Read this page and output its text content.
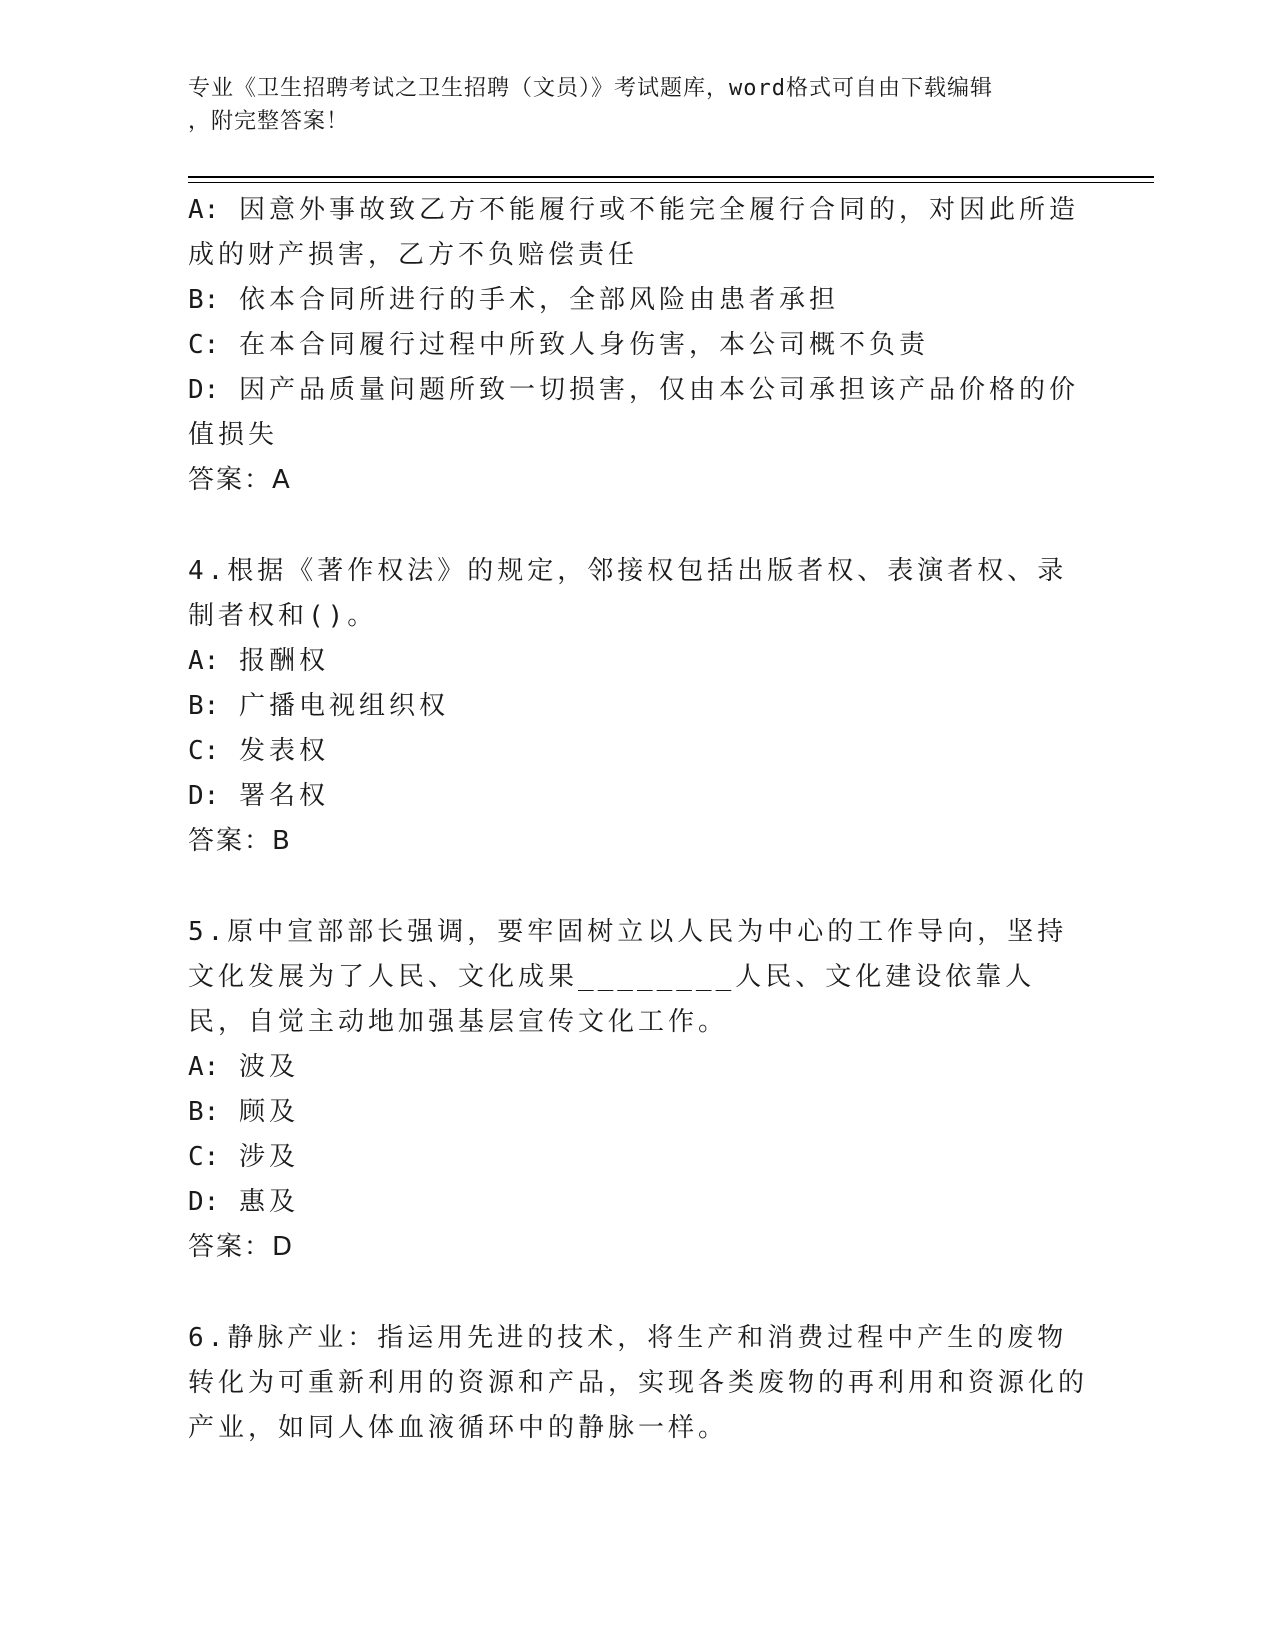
专业《卫生招聘考试之卫生招聘（文员）》考试题库，word格式可自由下载编辑
，附完整答案！

A: 因意外事故致乙方不能履行或不能完全履行合同的，对因此所造成的财产损害，乙方不负赔偿责任

B: 依本合同所进行的手术，全部风险由患者承担

C: 在本合同履行过程中所致人身伤害，本公司概不负责

D: 因产品质量问题所致一切损害，仅由本公司承担该产品价格的价值损失

答案：A

4.根据《著作权法》的规定，邻接权包括出版者权、表演者权、录制者权和()。

A: 报酬权

B: 广播电视组织权

C: 发表权

D: 署名权

答案：B

5.原中宣部部长强调，要牢固树立以人民为中心的工作导向，坚持文化发展为了人民、文化成果________人民、文化建设依靠人民，自觉主动地加强基层宣传文化工作。

A: 波及

B: 顾及

C: 涉及

D: 惠及

答案：D

6.静脉产业：指运用先进的技术，将生产和消费过程中产生的废物转化为可重新利用的资源和产品，实现各类废物的再利用和资源化的产业，如同人体血液循环中的静脉一样。
